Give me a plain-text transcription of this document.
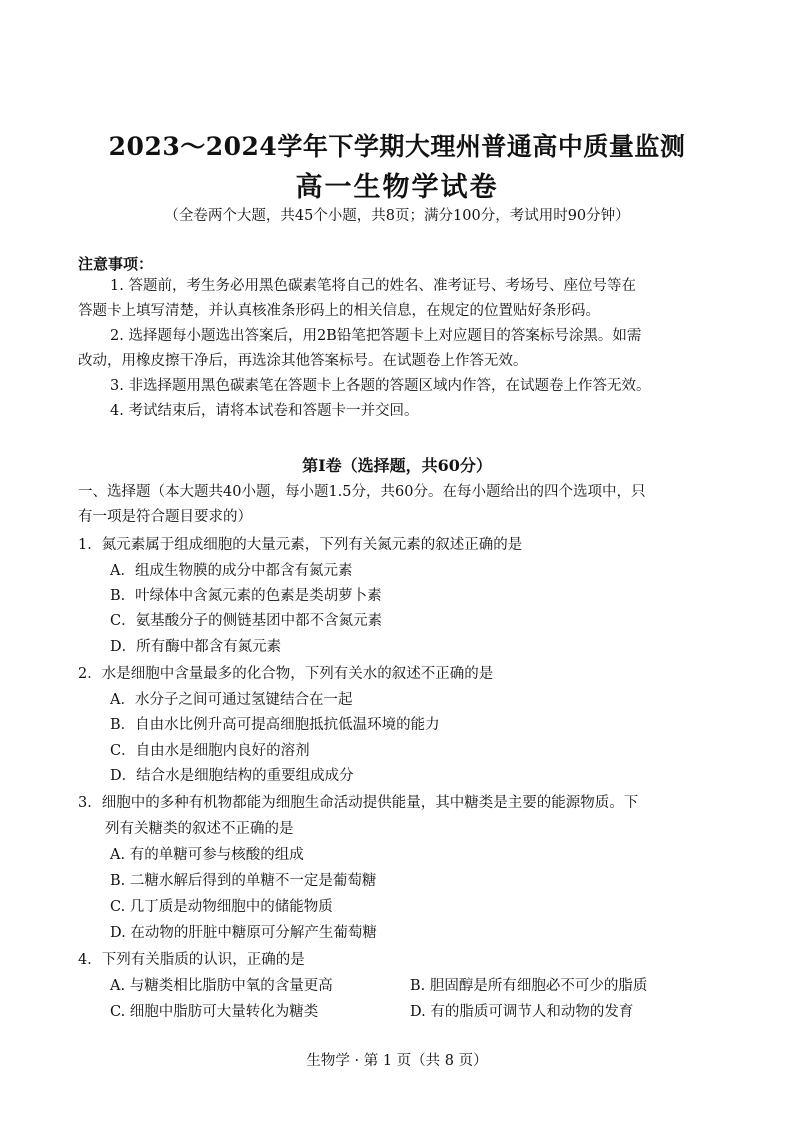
2023～2024学年下学期大理州普通高中质量监测
高一生物学试卷
（全卷两个大题，共45个小题，共8页；满分100分，考试用时90分钟）
注意事项：
1. 答题前，考生务必用黑色碳素笔将自己的姓名、准考证号、考场号、座位号等在
答题卡上填写清楚，并认真核准条形码上的相关信息，在规定的位置贴好条形码。
2. 选择题每小题选出答案后，用2B铅笔把答题卡上对应题目的答案标号涂黑。如需
改动，用橡皮擦干净后，再选涂其他答案标号。在试题卷上作答无效。
3. 非选择题用黑色碳素笔在答题卡上各题的答题区域内作答，在试题卷上作答无效。
4. 考试结束后，请将本试卷和答题卡一并交回。
第Ⅰ卷（选择题，共60分）
一、选择题（本大题共40小题，每小题1.5分，共60分。在每小题给出的四个选项中，只
有一项是符合题目要求的）
1．氮元素属于组成细胞的大量元素，下列有关氮元素的叙述正确的是
A．组成生物膜的成分中都含有氮元素
B．叶绿体中含氮元素的色素是类胡萝卜素
C．氨基酸分子的侧链基团中都不含氮元素
D．所有酶中都含有氮元素
2．水是细胞中含量最多的化合物，下列有关水的叙述不正确的是
A．水分子之间可通过氢键结合在一起
B．自由水比例升高可提高细胞抵抗低温环境的能力
C．自由水是细胞内良好的溶剂
D．结合水是细胞结构的重要组成成分
3．细胞中的多种有机物都能为细胞生命活动提供能量，其中糖类是主要的能源物质。下
列有关糖类的叙述不正确的是
A. 有的单糖可参与核酸的组成
B. 二糖水解后得到的单糖不一定是葡萄糖
C. 几丁质是动物细胞中的储能物质
D. 在动物的肝脏中糖原可分解产生葡萄糖
4．下列有关脂质的认识，正确的是
A. 与糖类相比脂肪中氧的含量更高	B. 胆固醇是所有细胞必不可少的脂质
C. 细胞中脂肪可大量转化为糖类	D. 有的脂质可调节人和动物的发育
生物学 · 第 1 页（共 8 页）
